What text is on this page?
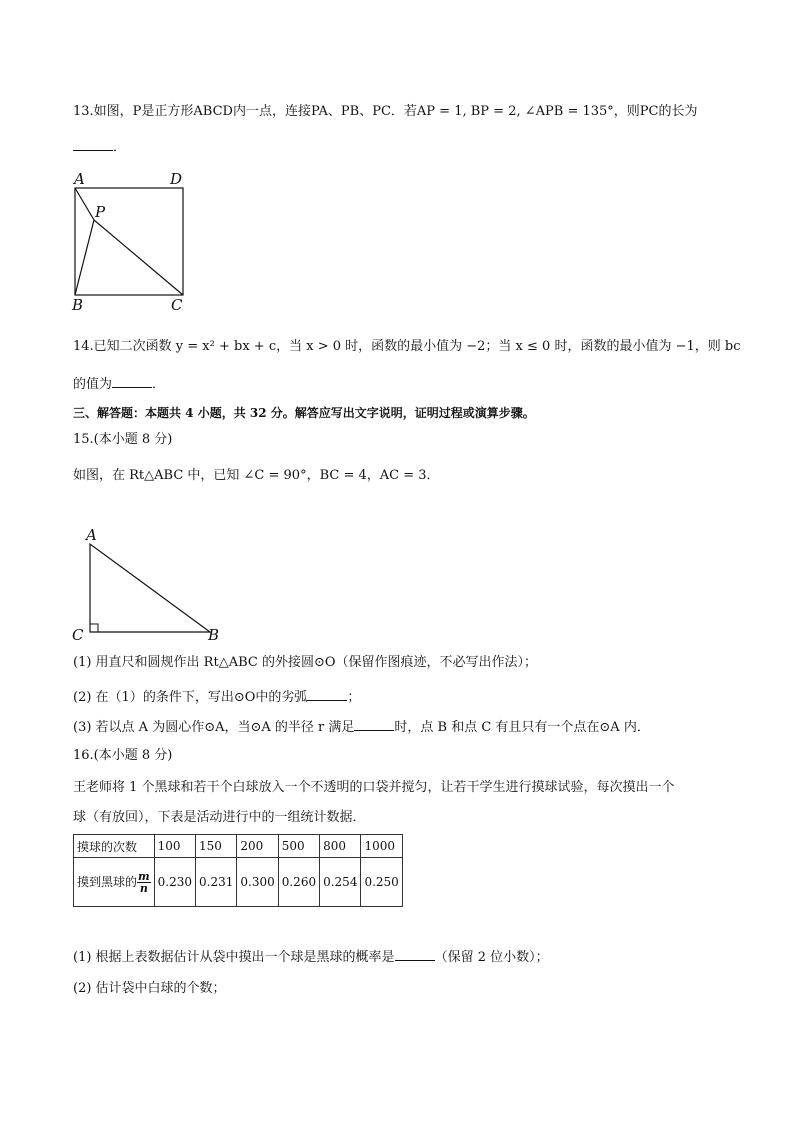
13.如图，P是正方形ABCD内一点，连接PA、PB、PC．若AP = 1, BP = 2, ∠APB = 135°，则PC的长为
．
A	D
P
B	C
14.已知二次函数 y = x² + bx + c，当 x > 0 时，函数的最小值为 −2；当 x ≤ 0 时，函数的最小值为 −1，则 bc
的值为	．
三、解答题：本题共 4 小题，共 32 分。解答应写出文字说明，证明过程或演算步骤。
15.(本小题 8 分)
如图，在 Rt△ABC 中，已知 ∠C = 90°，BC = 4，AC = 3．
A
C	B
(1) 用直尺和圆规作出 Rt△ABC 的外接圆⊙O（保留作图痕迹，不必写出作法）；
(2) 在（1）的条件下，写出⊙O中的劣弧	；
(3) 若以点 A 为圆心作⊙A，当⊙A 的半径 r 满足	时，点 B 和点 C 有且只有一个点在⊙A 内．
16.(本小题 8 分)
王老师将 1 个黑球和若干个白球放入一个不透明的口袋并搅匀，让若干学生进行摸球试验，每次摸出一个
球（有放回），下表是活动进行中的一组统计数据．
摸球的次数	100	150	200	500	800	1000
摸到黑球的 $\frac{m}{n}$	0.230	0.231	0.300	0.260	0.254	0.250
(1) 根据上表数据估计从袋中摸出一个球是黑球的概率是	（保留 2 位小数）；
(2) 估计袋中白球的个数；
